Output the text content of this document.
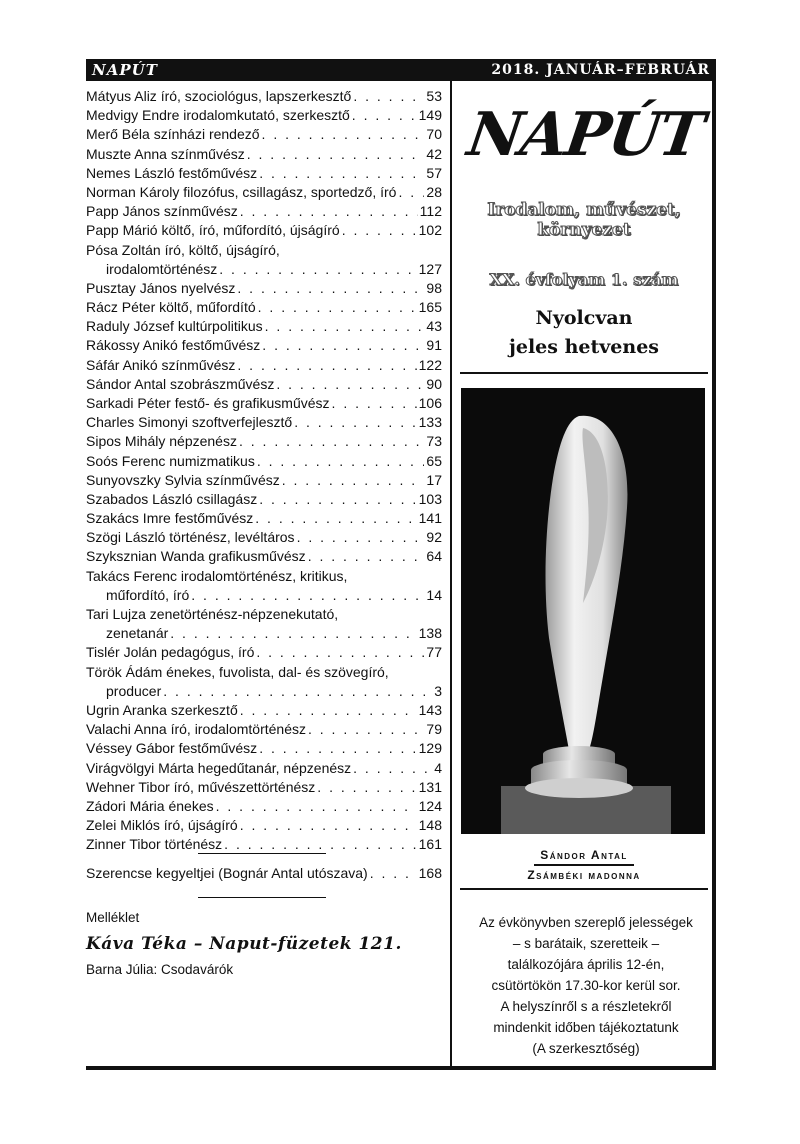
NAPÚT	2018. JANUÁR–FEBRUÁR
Mátyus Aliz író, szociológus, lapszerkesztő . . .	53
Medvigy Endre irodalomkutató, szerkesztő . . .	149
Merő Béla színházi rendező . . .	70
Muszte Anna színművész . . .	42
Nemes László festőművész . . .	57
Norman Károly filozófus, csillagász, sportedző, író . . . 28
Papp János színművész . . .	112
Papp Márió költő, író, műfordító, újságíró . . .	102
Pósa Zoltán író, költő, újságíró,
irodalomtörténész . . .	127
Pusztay János nyelvész . . .	98
Rácz Péter költő, műfordító . . .	165
Raduly József kultúrpolitikus . . .	43
Rákossy Anikó festőművész . . .	91
Sáfár Anikó színművész . . .	122
Sándor Antal szobrászművész . . .	90
Sarkadi Péter festő- és grafikusművész . . .	106
Charles Simonyi szoftverfejlesztő . . .	133
Sipos Mihály népzenész . . .	73
Soós Ferenc numizmatikus . . .	65
Sunyovszky Sylvia színművész . . .	17
Szabados László csillagász . . .	103
Szakács Imre festőművész . . .	141
Szögi László történész, levéltáros . . .	92
Szyksznian Wanda grafikusművész . . .	64
Takács Ferenc irodalomtörténész, kritikus,
műfordító, író . . .	14
Tari Lujza zenetörténész-népzenekutató,
zenetanár . . .	138
Tislér Jolán pedagógus, író . . .	77
Török Ádám énekes, fuvolista, dal- és szövegíró,
producer . . .	3
Ugrin Aranka szerkesztő . . .	143
Valachi Anna író, irodalomtörténész . . .	79
Véssey Gábor festőművész . . .	129
Virágvölgyi Márta hegedűtanár, népzenész . . .	4
Wehner Tibor író, művészettörténész . . .	131
Zádori Mária énekes . . .	124
Zelei Miklós író, újságíró . . .	148
Zinner Tibor történész . . .	161
Szerencse kegyeltjei (Bognár Antal utószava) . . .	168
Melléklet
Káva Téka – Naput-füzetek 121.
Barna Júlia: Csodavárók
NAPÚT
Irodalom, művészet, környezet
XX. évfolyam 1. szám
Nyolcvan
jeles hetvenes
Sándor Antal
Zsámbéki madonna
Az évkönyvben szereplő jelességek
– s barátaik, szeretteik –
találkozójára április 12-én,
csütörtökön 17.30-kor kerül sor.
A helyszínről s a részletekről
mindenkit időben tájékoztatunk
(A szerkesztőség)
